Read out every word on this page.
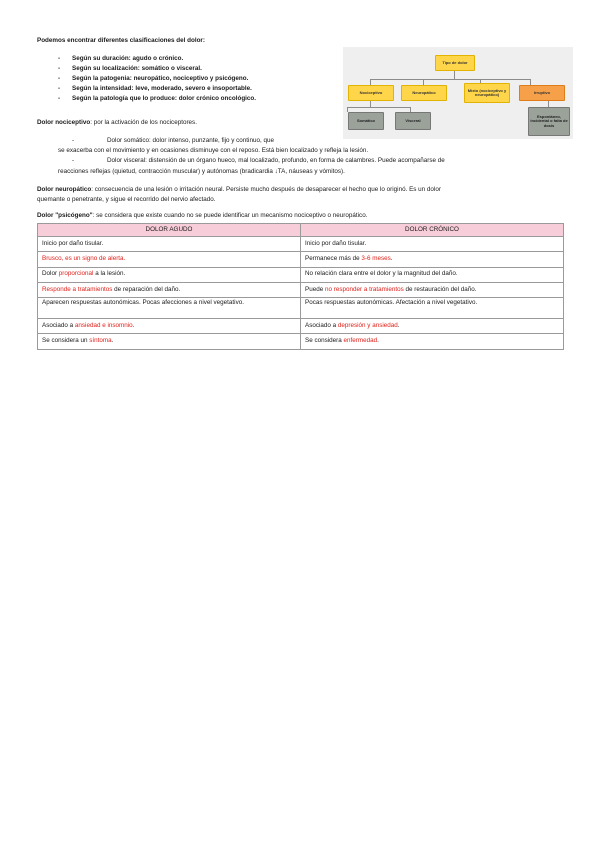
Podemos encontrar diferentes clasificaciones del dolor:
- Según su duración: agudo o crónico.
- Según su localización: somático o visceral.
- Según la patogenia: neuropático, nociceptivo y psicógeno.
- Según la intensidad: leve, moderado, severo e insoportable.
- Según la patología que lo produce: dolor crónico oncológico.
Dolor nociceptivo: por la activación de los nociceptores.
-	Dolor somático: dolor intenso, punzante, fijo y continuo, que
se exacerba con el movimiento y en ocasiones disminuye con el reposo. Está bien localizado y refleja la lesión.
-	Dolor visceral: distensión de un órgano hueco, mal localizado, profundo, en forma de calambres. Puede acompañarse de
reacciones reflejas (quietud, contracción muscular) y autónomas (bradicardia ↓TA, náuseas y vómitos).
Dolor neuropático: consecuencia de una lesión o irritación neural. Persiste mucho después de desaparecer el hecho que lo originó. Es un dolor
quemante o penetrante, y sigue el recorrido del nervio afectado.
Dolor "psicógeno": se considera que existe cuando no se puede identificar un mecanismo nociceptivo o neuropático.
Tipo de dolor
Nociceptivo	Neuropático	Mixto (nociceptivo y neuropático)	Irruptivo
Somático	Visceral
Espontáneo, incidental o falta de dosis
DOLOR AGUDO	DOLOR CRÓNICO
Inicio por daño tisular.	Inicio por daño tisular.
Brusco, es un signo de alerta.	Permanece más de 3-6 meses.
Dolor proporcional a la lesión.	No relación clara entre el dolor y la magnitud del daño.
Responde a tratamientos de reparación del daño.	Puede no responder a tratamientos de restauración del daño.
Aparecen respuestas autonómicas. Pocas afecciones a nivel vegetativo.	Pocas respuestas autonómicas. Afectación a nivel vegetativo.
Asociado a ansiedad e insomnio.	Asociado a depresión y ansiedad.
Se considera un síntoma.	Se considera enfermedad.
